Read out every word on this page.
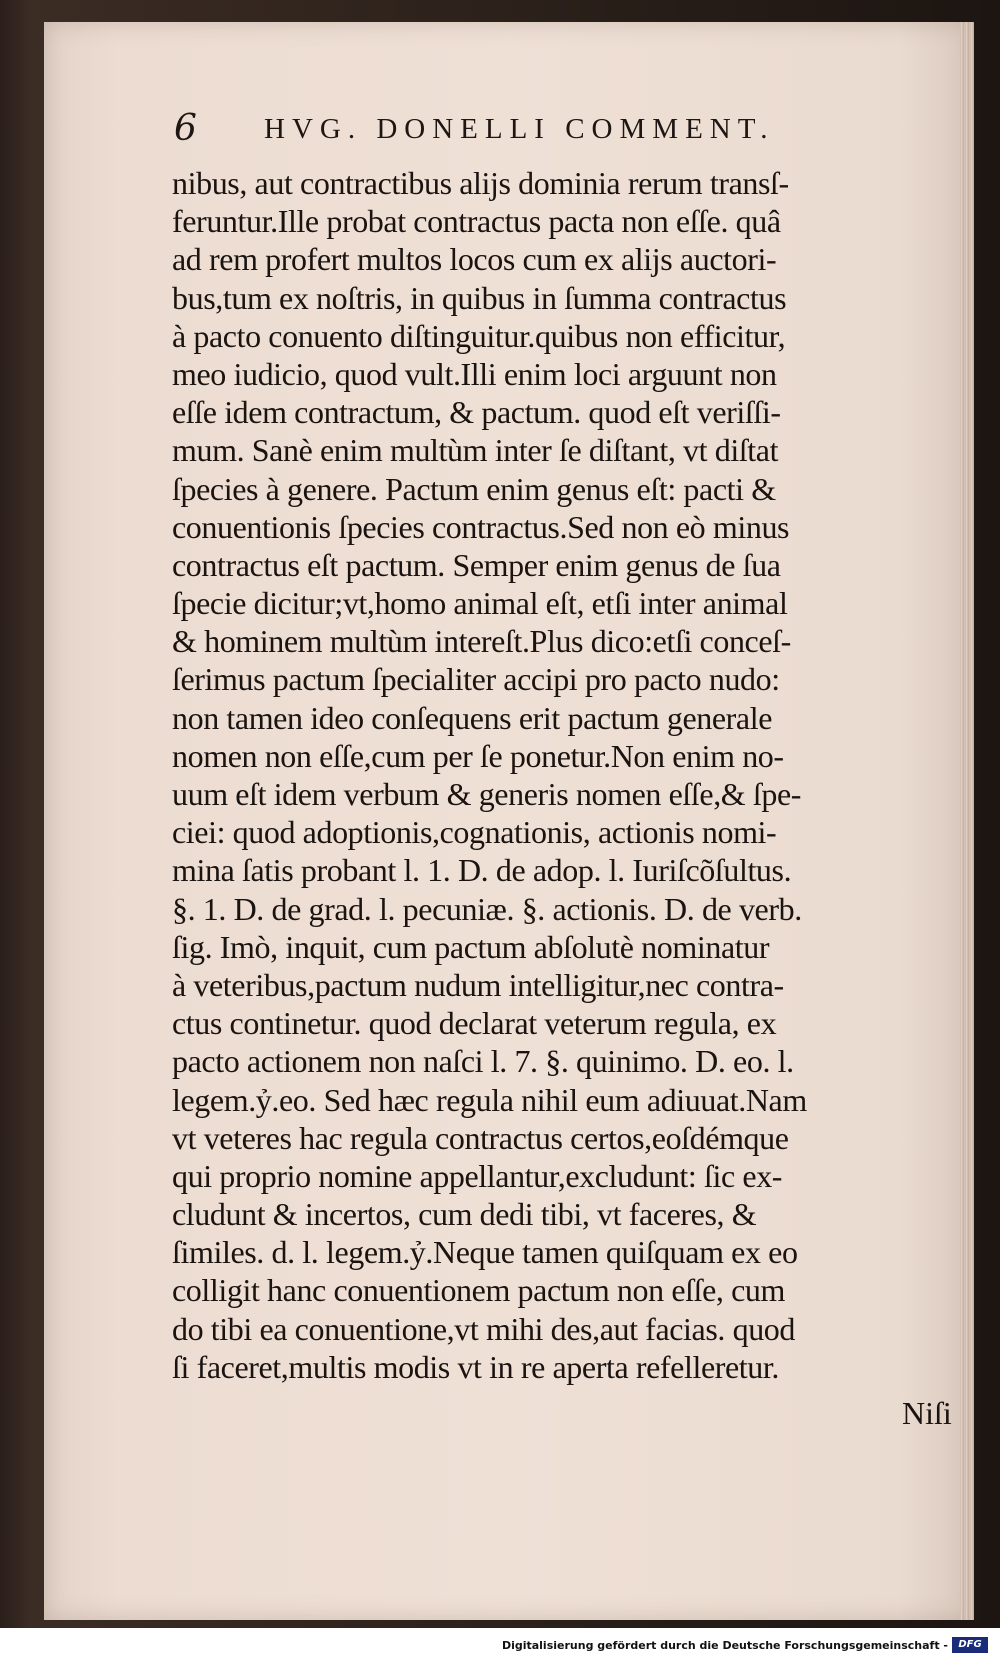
6 HVG. DONELLI COMMENT.
nibus, aut contractibus alijs dominia rerum transſ-
feruntur.Ille probat contractus pacta non eſſe. quâ
ad rem profert multos locos cum ex alijs auctori-
bus,tum ex noſtris, in quibus in ſumma contractus
à pacto conuento diſtinguitur.quibus non efficitur,
meo iudicio, quod vult.Illi enim loci arguunt non
eſſe idem contractum, & pactum. quod eſt veriſſi-
mum. Sanè enim multùm inter ſe diſtant, vt diſtat
ſpecies à genere. Pactum enim genus eſt: pacti &
conuentionis ſpecies contractus.Sed non eò minus
contractus eſt pactum. Semper enim genus de ſua
ſpecie dicitur;vt,homo animal eſt, etſi inter animal
& hominem multùm intereſt.Plus dico:etſi conceſ-
ſerimus pactum ſpecialiter accipi pro pacto nudo:
non tamen ideo conſequens erit pactum generale
nomen non eſſe,cum per ſe ponetur.Non enim no-
uum eſt idem verbum & generis nomen eſſe,& ſpe-
ciei: quod adoptionis,cognationis, actionis nomi-
mina ſatis probant l. 1. D. de adop. l. Iuriſcõſultus.
§. 1. D. de grad. l. pecuniæ. §. actionis. D. de verb.
ſig. Imò, inquit, cum pactum abſolutè nominatur
à veteribus,pactum nudum intelligitur,nec contra-
ctus continetur. quod declarat veterum regula, ex
pacto actionem non naſci l. 7. §. quinimo. D. eo. l.
legem.ỷ.eo. Sed hæc regula nihil eum adiuuat.Nam
vt veteres hac regula contractus certos,eoſdémque
qui proprio nomine appellantur,excludunt: ſic ex-
cludunt & incertos, cum dedi tibi, vt faceres, &
ſimiles. d. l. legem.ỷ.Neque tamen quiſquam ex eo
colligit hanc conuentionem pactum non eſſe, cum
do tibi ea conuentione,vt mihi des,aut facias. quod
ſi faceret,multis modis vt in re aperta refelleretur.
Niſi
Digitalisierung gefördert durch die Deutsche Forschungsgemeinschaft -	DFG
